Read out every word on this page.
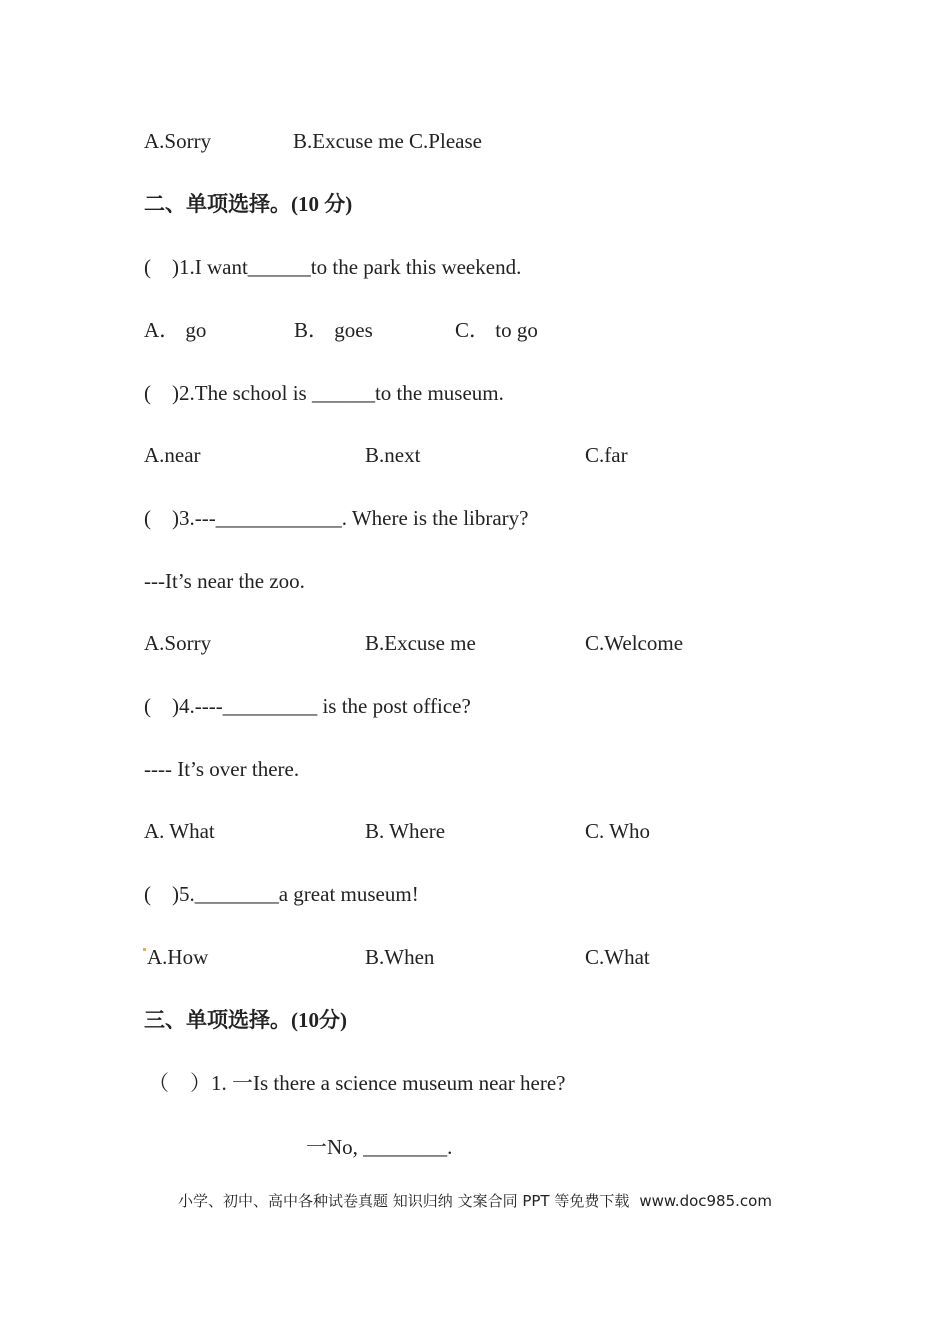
A.Sorry	B.Excuse me C.Please
二、单项选择。(10 分)
(    )1.I want______to the park this weekend.
A． go	B． goes	C． to go
(    )2.The school is ______to the museum.
A.near	B.next	C.far
(    )3.---____________. Where is the library?
---It’s near the zoo.
A.Sorry	B.Excuse me	C.Welcome
(    )4.----_________ is the post office?
---- It’s over there.
A. What	B. Where	C. Who
(    )5.________a great museum!
A.How	B.When	C.What
三、单项选择。(10分)
（    ）1. 一Is there a science museum near here?
一No, ________.
小学、初中、高中各种试卷真题 知识归纳 文案合同 PPT 等免费下载 www.doc985.com
